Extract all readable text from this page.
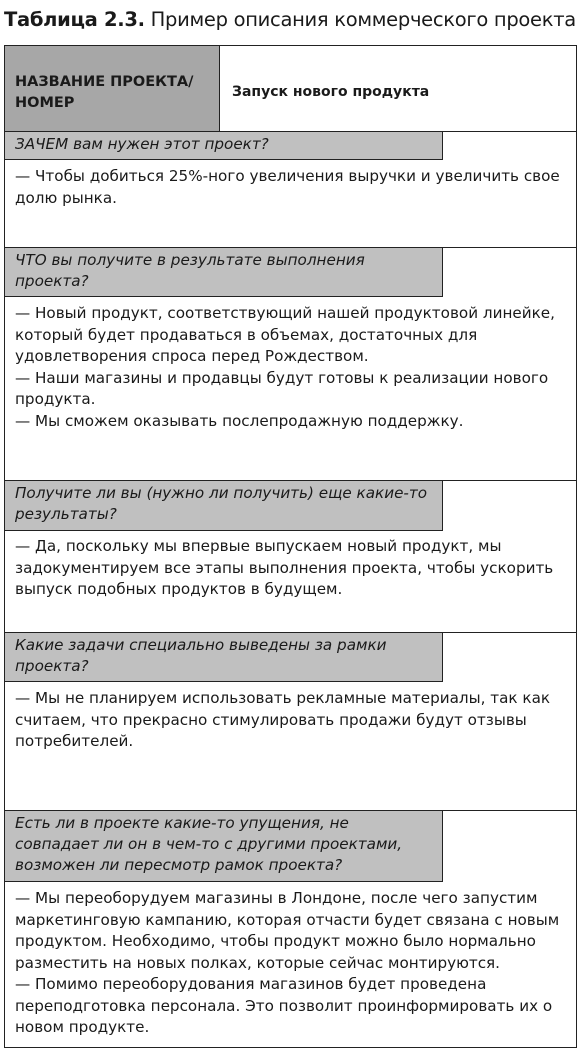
Таблица 2.3. Пример описания коммерческого проекта
НАЗВАНИЕ ПРОЕКТА/
НОМЕР
Запуск нового продукта
ЗАЧЕМ вам нужен этот проект?

— Чтобы добиться 25%-ного увеличения выручки и увеличить своe долю рынка.

ЧТО вы получите в результате выполнения проекта?

— Новый продукт, соответствующий нашей продуктовой линейке, который будет продаваться в объемах, достаточных для удовлетворения спроса перед Рождеством.

— Наши магазины и продавцы будут готовы к реализации нового продукта.

— Мы сможем оказывать послепродажную поддержку.

Получите ли вы (нужно ли получить) еще какие-то результаты?

— Да, поскольку мы впервые выпускаем новый продукт, мы задокументируем все этапы выполнения проекта, чтобы ускорить выпуск подобных продуктов в будущем.

Какие задачи специально выведены за рамки проекта?

— Мы не планируем использовать рекламные материалы, так как считаем, что прекрасно стимулировать продажи будут отзывы потребителей.

Есть ли в проекте какие-то упущения, не совпадает ли он в чем-то с другими проектами, возможен ли пересмотр рамок проекта?

— Мы переоборудуем магазины в Лондоне, после чего запустим маркетинговую кампанию, которая отчасти будет связана с новым продуктом. Необходимо, чтобы продукт можно было нормально разместить на новых полках, которые сейчас монтируются.

— Помимо переоборудования магазинов будет проведена переподготовка персонала. Это позволит проинформировать их о новом продукте.
